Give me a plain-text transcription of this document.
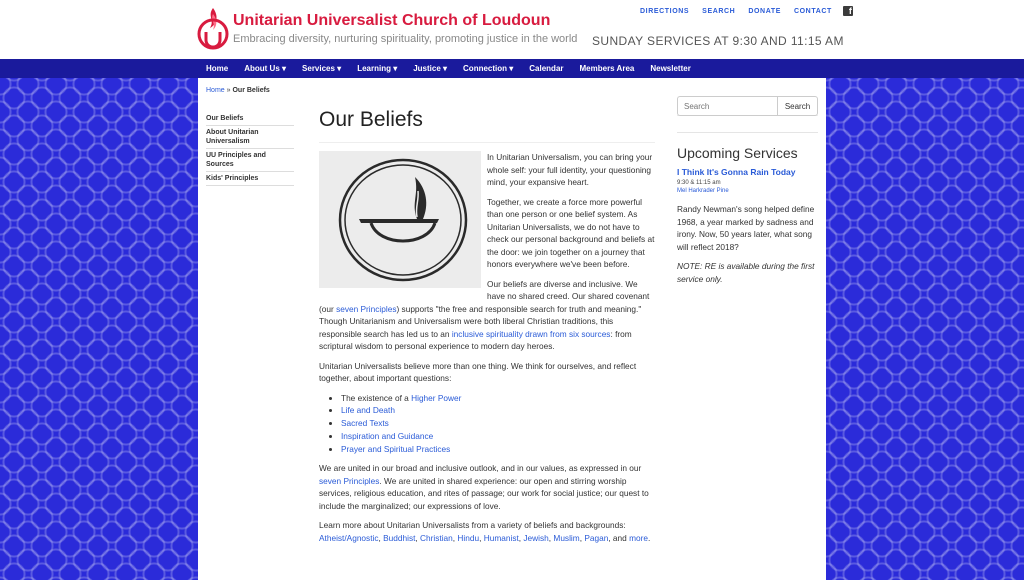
Unitarian Universalist Church of Loudoun
Embracing diversity, nurturing spirituality, promoting justice in the world
DIRECTIONS SEARCH DONATE CONTACT	f
SUNDAY SERVICES AT 9:30 AND 11:15 AM
Home	About Us ▾	Services ▾	Learning ▾	Justice ▾	Connection ▾	Calendar	Members Area	Newsletter
Home » Our Beliefs
Our Beliefs
About Unitarian Universalism
UU Principles and Sources
Kids' Principles
Our Beliefs

In Unitarian Universalism, you can bring your whole self: your full identity, your questioning mind, your expansive heart.

Together, we create a force more powerful than one person or one belief system. As Unitarian Universalists, we do not have to check our personal background and beliefs at the door: we join together on a journey that honors everywhere we've been before.

Our beliefs are diverse and inclusive. We have no shared creed. Our shared covenant (our seven Principles) supports "the free and responsible search for truth and meaning." Though Unitarianism and Universalism were both liberal Christian traditions, this responsible search has led us to an inclusive spirituality drawn from six sources: from scriptural wisdom to personal experience to modern day heroes.

Unitarian Universalists believe more than one thing. We think for ourselves, and reflect together, about important questions:

• The existence of a Higher Power
• Life and Death
• Sacred Texts
• Inspiration and Guidance
• Prayer and Spiritual Practices

We are united in our broad and inclusive outlook, and in our values, as expressed in our seven Principles. We are united in shared experience: our open and stirring worship services, religious education, and rites of passage; our work for social justice; our quest to include the marginalized; our expressions of love.

Learn more about Unitarian Universalists from a variety of beliefs and backgrounds: Atheist/Agnostic, Buddhist, Christian, Hindu, Humanist, Jewish, Muslim, Pagan, and more.

Search
Search
Upcoming Services
I Think It's Gonna Rain Today
9:30 & 11:15 am
Mel Harkrader Pine
Randy Newman's song helped define 1968, a year marked by sadness and irony. Now, 50 years later, what song will reflect 2018?
NOTE: RE is available during the first service only.
